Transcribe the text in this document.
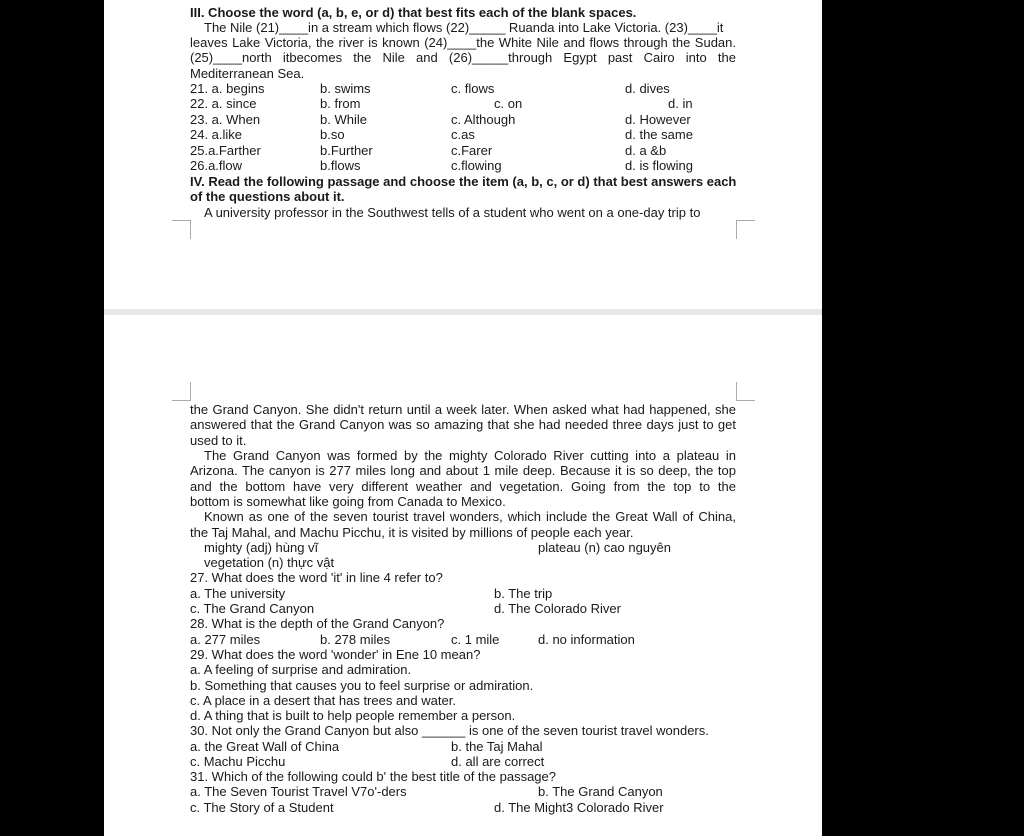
III. Choose the word (a, b, e, or d) that best fits each of the blank spaces.
The Nile (21)____in a stream which flows (22)_____ Ruanda into Lake Victoria. (23)____it
leaves Lake Victoria, the river is known (24)____the White Nile and flows through the Sudan.
(25)____north itbecomes the Nile and (26)_____through Egypt past Cairo into the
Mediterranean Sea.
21. a. begins	b. swims	c. flows	d. dives
22. a. since	b. from	c. on	d. in
23. a. When	b. While	c. Although	d. However
24. a.like	b.so	c.as	d. the same
25.a.Farther	b.Further	c.Farer	d. a &b
26.a.flow	b.flows	c.flowing	d. is flowing
IV. Read the following passage and choose the item (a, b, c, or d) that best answers each
of the questions about it.
A university professor in the Southwest tells of a student who went on a one-day trip to
the Grand Canyon. She didn't return until a week later. When asked what had happened, she
answered that the Grand Canyon was so amazing that she had needed three days just to get
used to it.
The Grand Canyon was formed by the mighty Colorado River cutting into a plateau in
Arizona. The canyon is 277 miles long and about 1 mile deep. Because it is so deep, the top
and the bottom have very different weather and vegetation. Going from the top to the
bottom is somewhat like going from Canada to Mexico.
Known as one of the seven tourist travel wonders, which include the Great Wall of China,
the Taj Mahal, and Machu Picchu, it is visited by millions of people each year.
mighty (adj) hùng vĩ	plateau (n) cao nguyên
vegetation (n) thực vật
27. What does the word 'it' in line 4 refer to?
a. The university	b. The trip
c. The Grand Canyon	d. The Colorado River
28. What is the depth of the Grand Canyon?
a. 277 miles	b. 278 miles	c. 1 mile	d. no information
29. What does the word 'wonder' in Ene 10 mean?
a. A feeling of surprise and admiration.
b. Something that causes you to feel surprise or admiration.
c. A place in a desert that has trees and water.
d. A thing that is built to help people remember a person.
30. Not only the Grand Canyon but also ______ is one of the seven tourist travel wonders.
a. the Great Wall of China	b. the Taj Mahal
c. Machu Picchu	d. all are correct
31. Which of the following could b' the best title of the passage?
a. The Seven Tourist Travel V7o'-ders	b. The Grand Canyon
c. The Story of a Student	d. The Might3 Colorado River
